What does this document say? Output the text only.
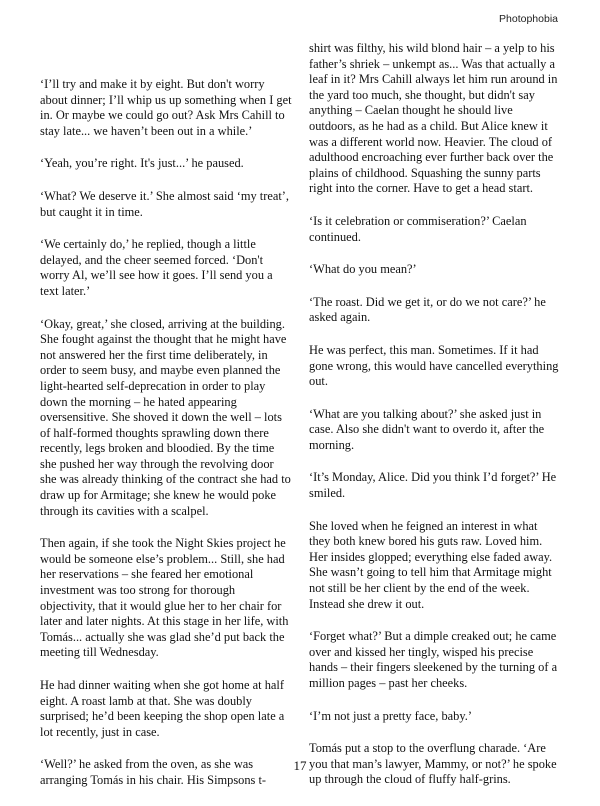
Photophobia

‘I’ll try and make it by eight. But don't worry about dinner; I’ll whip us up something when I get in. Or maybe we could go out? Ask Mrs Cahill to stay late... we haven’t been out in a while.’

‘Yeah, you’re right. It's just...’ he paused.

‘What? We deserve it.’ She almost said ‘my treat’, but caught it in time.

‘We certainly do,’ he replied, though a little delayed, and the cheer seemed forced. ‘Don't worry Al, we’ll see how it goes. I’ll send you a text later.’

‘Okay, great,’ she closed, arriving at the building. She fought against the thought that he might have not answered her the first time deliberately, in order to seem busy, and maybe even planned the light-hearted self-deprecation in order to play down the morning – he hated appearing oversensitive. She shoved it down the well – lots of half-formed thoughts sprawling down there recently, legs broken and bloodied. By the time she pushed her way through the revolving door she was already thinking of the contract she had to draw up for Armitage; she knew he would poke through its cavities with a scalpel.

Then again, if she took the Night Skies project he would be someone else’s problem... Still, she had her reservations – she feared her emotional investment was too strong for thorough objectivity, that it would glue her to her chair for later and later nights. At this stage in her life, with Tomás... actually she was glad she’d put back the meeting till Wednesday.

He had dinner waiting when she got home at half eight. A roast lamb at that. She was doubly surprised; he’d been keeping the shop open late a lot recently, just in case.

‘Well?’ he asked from the oven, as she was arranging Tomás in his chair. His Simpsons t-

shirt was filthy, his wild blond hair – a yelp to his father’s shriek – unkempt as... Was that actually a leaf in it? Mrs Cahill always let him run around in the yard too much, she thought, but didn't say anything – Caelan thought he should live outdoors, as he had as a child. But Alice knew it was a different world now. Heavier. The cloud of adulthood encroaching ever further back over the plains of childhood. Squashing the sunny parts right into the corner. Have to get a head start.

‘Is it celebration or commiseration?’ Caelan continued.

‘What do you mean?’

‘The roast. Did we get it, or do we not care?’ he asked again.

He was perfect, this man. Sometimes. If it had gone wrong, this would have cancelled everything out.

‘What are you talking about?’ she asked just in case. Also she didn't want to overdo it, after the morning.

‘It’s Monday, Alice. Did you think I’d forget?’ He smiled.

She loved when he feigned an interest in what they both knew bored his guts raw. Loved him. Her insides glopped; everything else faded away. She wasn’t going to tell him that Armitage might not still be her client by the end of the week. Instead she drew it out.

‘Forget what?’ But a dimple creaked out; he came over and kissed her tingly, wisped his precise hands – their fingers sleekened by the turning of a million pages – past her cheeks.

‘I’m not just a pretty face, baby.’

Tomás put a stop to the overflung charade. ‘Are you that man’s lawyer, Mammy, or not?’ he spoke up through the cloud of fluffy half-grins.

17
